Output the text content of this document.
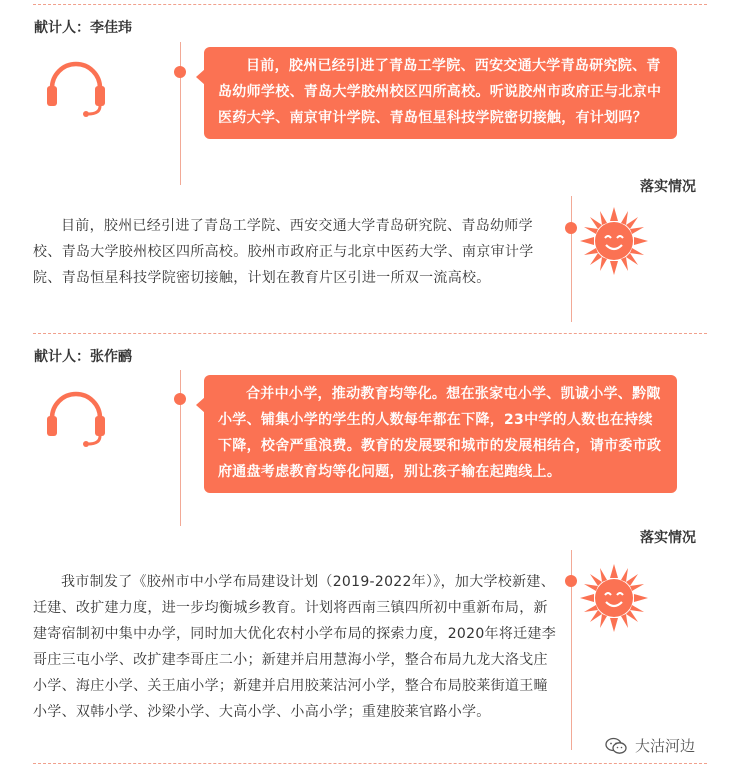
献计人：李佳玮
目前，胶州已经引进了青岛工学院、西安交通大学青岛研究院、青岛幼师学校、青岛大学胶州校区四所高校。听说胶州市政府正与北京中医药大学、南京审计学院、青岛恒星科技学院密切接触，有计划吗？
落实情况
目前，胶州已经引进了青岛工学院、西安交通大学青岛研究院、青岛幼师学校、青岛大学胶州校区四所高校。胶州市政府正与北京中医药大学、南京审计学院、青岛恒星科技学院密切接触，计划在教育片区引进一所双一流高校。
献计人：张作鹂
合并中小学，推动教育均等化。想在张家屯小学、凯诚小学、黔陬小学、铺集小学的学生的人数每年都在下降，23中学的人数也在持续下降，校舍严重浪费。教育的发展要和城市的发展相结合，请市委市政府通盘考虑教育均等化问题，别让孩子输在起跑线上。
落实情况
我市制发了《胶州市中小学布局建设计划（2019-2022年）》，加大学校新建、迁建、改扩建力度，进一步均衡城乡教育。计划将西南三镇四所初中重新布局，新建寄宿制初中集中办学，同时加大优化农村小学布局的探索力度，2020年将迁建李哥庄三屯小学、改扩建李哥庄二小；新建并启用慧海小学，整合布局九龙大洛戈庄小学、海庄小学、关王庙小学；新建并启用胶莱沽河小学，整合布局胶莱街道王疃小学、双韩小学、沙梁小学、大高小学、小高小学；重建胶莱官路小学。
大沽河边
